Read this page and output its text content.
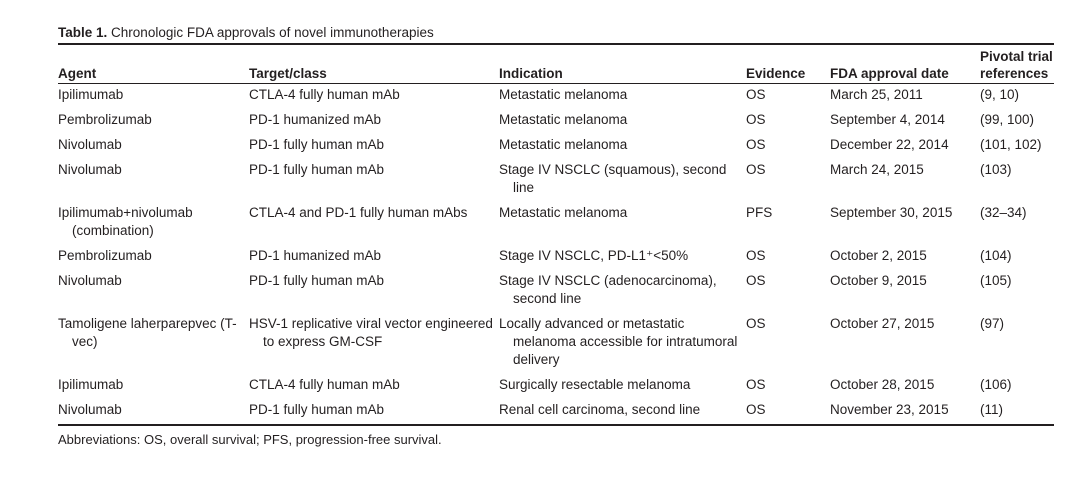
Table 1. Chronologic FDA approvals of novel immunotherapies
Agent	Target/class	Indication	Evidence	FDA approval date	Pivotal trial references

Ipilimumab	CTLA-4 fully human mAb	Metastatic melanoma	OS	March 25, 2011	(9, 10)

Pembrolizumab	PD-1 humanized mAb	Metastatic melanoma	OS	September 4, 2014	(99, 100)

Nivolumab	PD-1 fully human mAb	Metastatic melanoma	OS	December 22, 2014	(101, 102)

Nivolumab	PD-1 fully human mAb	Stage IV NSCLC (squamous), second line	OS	March 24, 2015	(103)

Ipilimumab+nivolumab (combination)	CTLA-4 and PD-1 fully human mAbs	Metastatic melanoma	PFS	September 30, 2015	(32–34)

Pembrolizumab	PD-1 humanized mAb	Stage IV NSCLC, PD-L1⁺<50%	OS	October 2, 2015	(104)

Nivolumab	PD-1 fully human mAb	Stage IV NSCLC (adenocarcinoma), second line	OS	October 9, 2015	(105)

Tamoligene laherparepvec (T-vec)	HSV-1 replicative viral vector engineered to express GM-CSF	Locally advanced or metastatic melanoma accessible for intratumoral delivery	OS	October 27, 2015	(97)

Ipilimumab	CTLA-4 fully human mAb	Surgically resectable melanoma	OS	October 28, 2015	(106)

Nivolumab	PD-1 fully human mAb	Renal cell carcinoma, second line	OS	November 23, 2015	(11)
Abbreviations: OS, overall survival; PFS, progression-free survival.
